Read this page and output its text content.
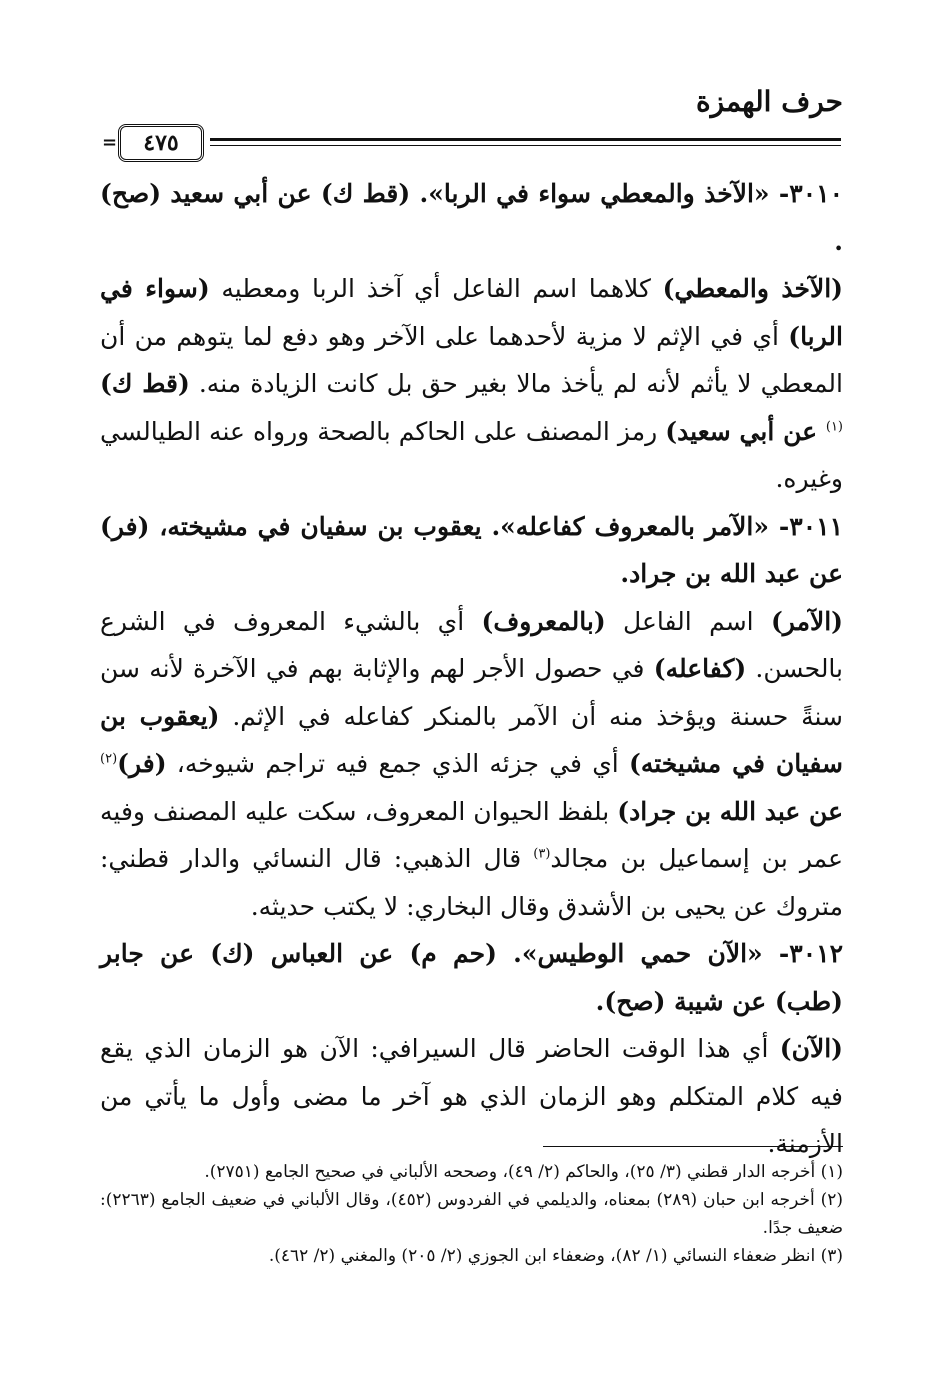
حرف الهمزة
=	٤٧٥

٣٠١٠- «الآخذ والمعطي سواء في الربا». (قط ك) عن أبي سعيد (صح) .

(الآخذ والمعطي) كلاهما اسم الفاعل أي آخذ الربا ومعطيه (سواء في الربا) أي في الإثم لا مزية لأحدهما على الآخر وهو دفع لما يتوهم من أن المعطي لا يأثم لأنه لم يأخذ مالا بغير حق بل كانت الزيادة منه. (قط ك)$^{(١)}$ عن أبي سعيد) رمز المصنف على الحاكم بالصحة ورواه عنه الطيالسي وغيره.

٣٠١١- «الآمر بالمعروف كفاعله». يعقوب بن سفيان في مشيخته، (فر) عن عبد الله بن جراد.

(الآمر) اسم الفاعل (بالمعروف) أي بالشيء المعروف في الشرع بالحسن. (كفاعله) في حصول الأجر لهم والإثابة بهم في الآخرة لأنه سن سنةً حسنة ويؤخذ منه أن الآمر بالمنكر كفاعله في الإثم. (يعقوب بن سفيان في مشيخته) أي في جزئه الذي جمع فيه تراجم شيوخه، (فر)$^{(٢)}$ عن عبد الله بن جراد) بلفظ الحيوان المعروف، سكت عليه المصنف وفيه عمر بن إسماعيل بن مجالد$^{(٣)}$ قال الذهبي: قال النسائي والدار قطني: متروك عن يحيى بن الأشدق وقال البخاري: لا يكتب حديثه.

٣٠١٢- «الآن حمي الوطيس». (حم م) عن العباس (ك) عن جابر (طب) عن شيبة (صح).

(الآن) أي هذا الوقت الحاضر قال السيرافي: الآن هو الزمان الذي يقع فيه كلام المتكلم وهو الزمان الذي هو آخر ما مضى وأول ما يأتي من الأزمنة.

(١) أخرجه الدار قطني (٣/ ٢٥)، والحاكم (٢/ ٤٩)، وصححه الألباني في صحيح الجامع (٢٧٥١).

(٢) أخرجه ابن حبان (٢٨٩) بمعناه، والديلمي في الفردوس (٤٥٢)، وقال الألباني في ضعيف الجامع (٢٢٦٣): ضعيف جدًا.

(٣) انظر ضعفاء النسائي (١/ ٨٢)، وضعفاء ابن الجوزي (٢/ ٢٠٥) والمغني (٢/ ٤٦٢).
